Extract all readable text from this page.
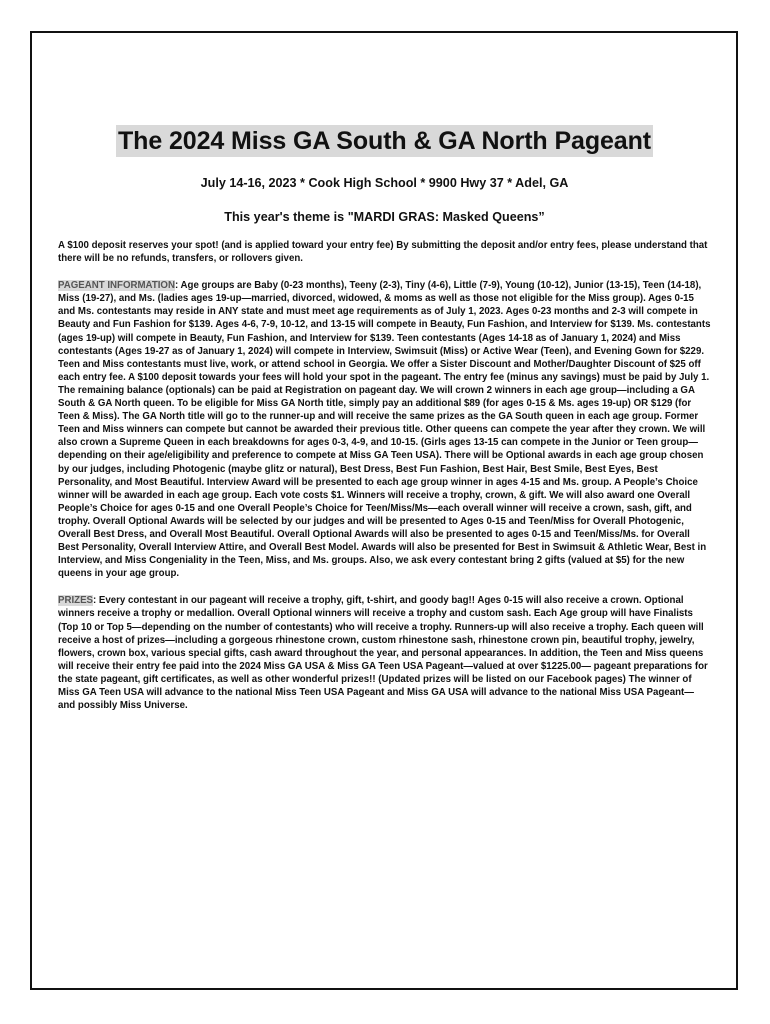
The 2024 Miss GA South & GA North Pageant
July 14-16, 2023 * Cook High School * 9900 Hwy 37 * Adel, GA
This year's theme is "MARDI GRAS: Masked Queens”

A $100 deposit reserves your spot! (and is applied toward your entry fee) By submitting the deposit and/or entry fees, please understand that there will be no refunds, transfers, or rollovers given.

PAGEANT INFORMATION: Age groups are Baby (0-23 months), Teeny (2-3), Tiny (4-6), Little (7-9), Young (10-12), Junior (13-15), Teen (14-18), Miss (19-27), and Ms. (ladies ages 19-up—married, divorced, widowed, & moms as well as those not eligible for the Miss group). Ages 0-15 and Ms. contestants may reside in ANY state and must meet age requirements as of July 1, 2023. Ages 0-23 months and 2-3 will compete in Beauty and Fun Fashion for $139. Ages 4-6, 7-9, 10-12, and 13-15 will compete in Beauty, Fun Fashion, and Interview for $139. Ms. contestants (ages 19-up) will compete in Beauty, Fun Fashion, and Interview for $139. Teen contestants (Ages 14-18 as of January 1, 2024) and Miss contestants (Ages 19-27 as of January 1, 2024) will compete in Interview, Swimsuit (Miss) or Active Wear (Teen), and Evening Gown for $229. Teen and Miss contestants must live, work, or attend school in Georgia. We offer a Sister Discount and Mother/Daughter Discount of $25 off each entry fee. A $100 deposit towards your fees will hold your spot in the pageant. The entry fee (minus any savings) must be paid by July 1. The remaining balance (optionals) can be paid at Registration on pageant day. We will crown 2 winners in each age group—including a GA South & GA North queen. To be eligible for Miss GA North title, simply pay an additional $89 (for ages 0-15 & Ms. ages 19-up) OR $129 (for Teen & Miss). The GA North title will go to the runner-up and will receive the same prizes as the GA South queen in each age group. Former Teen and Miss winners can compete but cannot be awarded their previous title. Other queens can compete the year after they crown. We will also crown a Supreme Queen in each breakdowns for ages 0-3, 4-9, and 10-15. (Girls ages 13-15 can compete in the Junior or Teen group—depending on their age/eligibility and preference to compete at Miss GA Teen USA). There will be Optional awards in each age group chosen by our judges, including Photogenic (maybe glitz or natural), Best Dress, Best Fun Fashion, Best Hair, Best Smile, Best Eyes, Best Personality, and Most Beautiful. Interview Award will be presented to each age group winner in ages 4-15 and Ms. group. A People’s Choice winner will be awarded in each age group. Each vote costs $1. Winners will receive a trophy, crown, & gift. We will also award one Overall People’s Choice for ages 0-15 and one Overall People’s Choice for Teen/Miss/Ms—each overall winner will receive a crown, sash, gift, and trophy. Overall Optional Awards will be selected by our judges and will be presented to Ages 0-15 and Teen/Miss for Overall Photogenic, Overall Best Dress, and Overall Most Beautiful. Overall Optional Awards will also be presented to ages 0-15 and Teen/Miss/Ms. for Overall Best Personality, Overall Interview Attire, and Overall Best Model. Awards will also be presented for Best in Swimsuit & Athletic Wear, Best in Interview, and Miss Congeniality in the Teen, Miss, and Ms. groups. Also, we ask every contestant bring 2 gifts (valued at $5) for the new queens in your age group.

PRIZES: Every contestant in our pageant will receive a trophy, gift, t-shirt, and goody bag!! Ages 0-15 will also receive a crown. Optional winners receive a trophy or medallion. Overall Optional winners will receive a trophy and custom sash. Each Age group will have Finalists (Top 10 or Top 5—depending on the number of contestants) who will receive a trophy. Runners-up will also receive a trophy. Each queen will receive a host of prizes—including a gorgeous rhinestone crown, custom rhinestone sash, rhinestone crown pin, beautiful trophy, jewelry, flowers, crown box, various special gifts, cash award throughout the year, and personal appearances. In addition, the Teen and Miss queens will receive their entry fee paid into the 2024 Miss GA USA & Miss GA Teen USA Pageant—valued at over $1225.00— pageant preparations for the state pageant, gift certificates, as well as other wonderful prizes!! (Updated prizes will be listed on our Facebook pages) The winner of Miss GA Teen USA will advance to the national Miss Teen USA Pageant and Miss GA USA will advance to the national Miss USA Pageant—and possibly Miss Universe.
